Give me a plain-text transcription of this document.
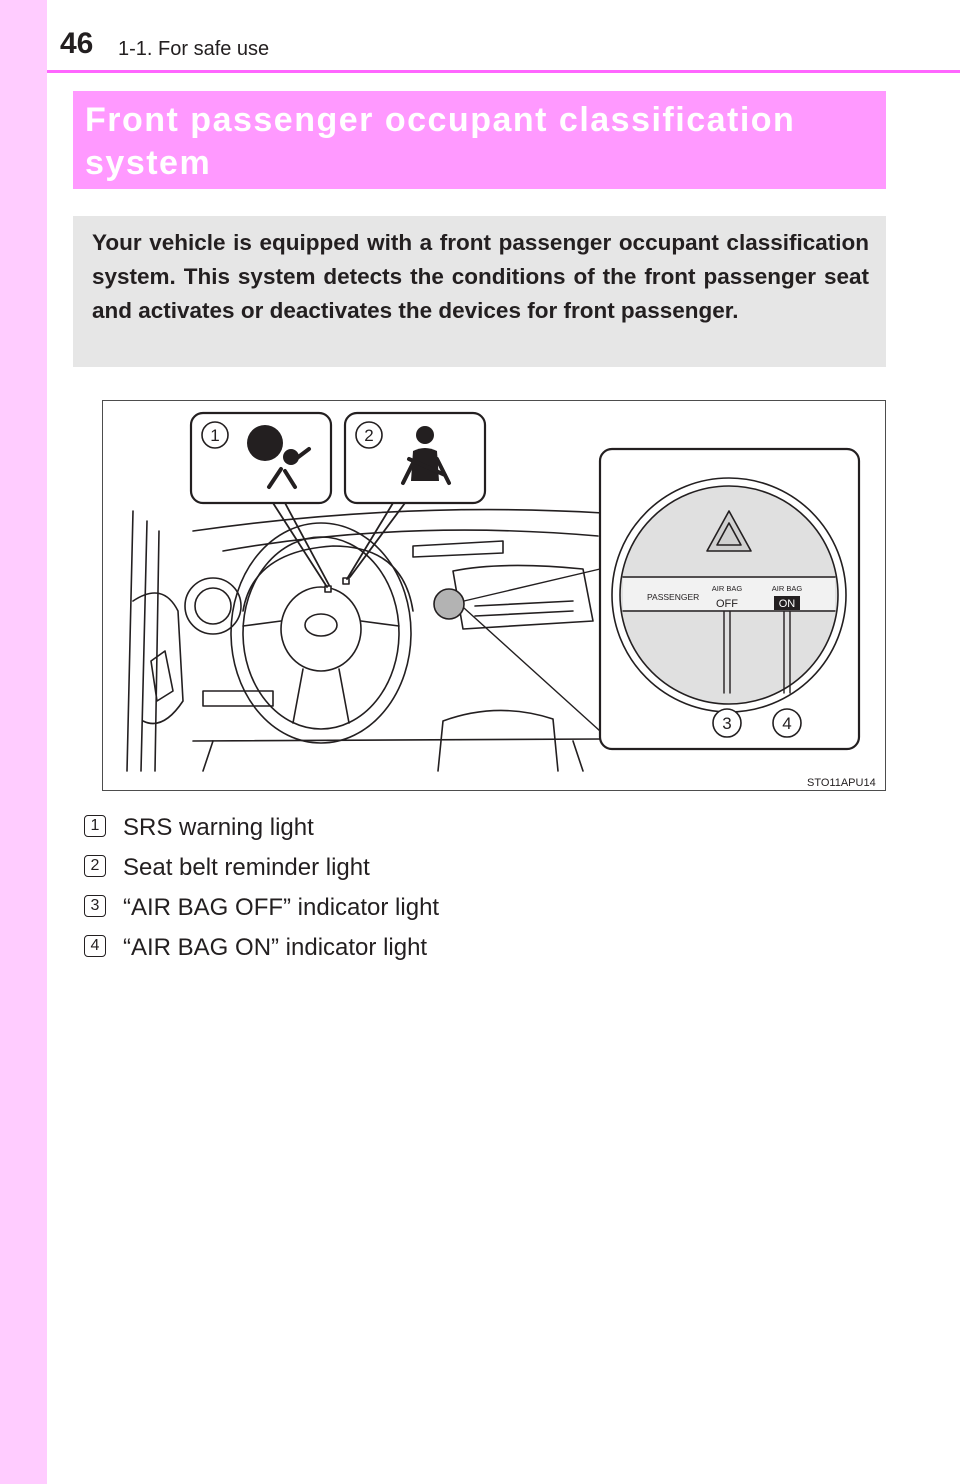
46 1-1. For safe use
Front passenger occupant classification system

Your vehicle is equipped with a front passenger occupant classification system. This system detects the conditions of the front passenger seat and activates or deactivates the devices for front passenger.

1	2
PASSENGER
AIR BAG
OFF
AIR BAG
ON
3	4
STO11APU14
1 SRS warning light
2 Seat belt reminder light
3 “AIR BAG OFF” indicator light
4 “AIR BAG ON” indicator light
